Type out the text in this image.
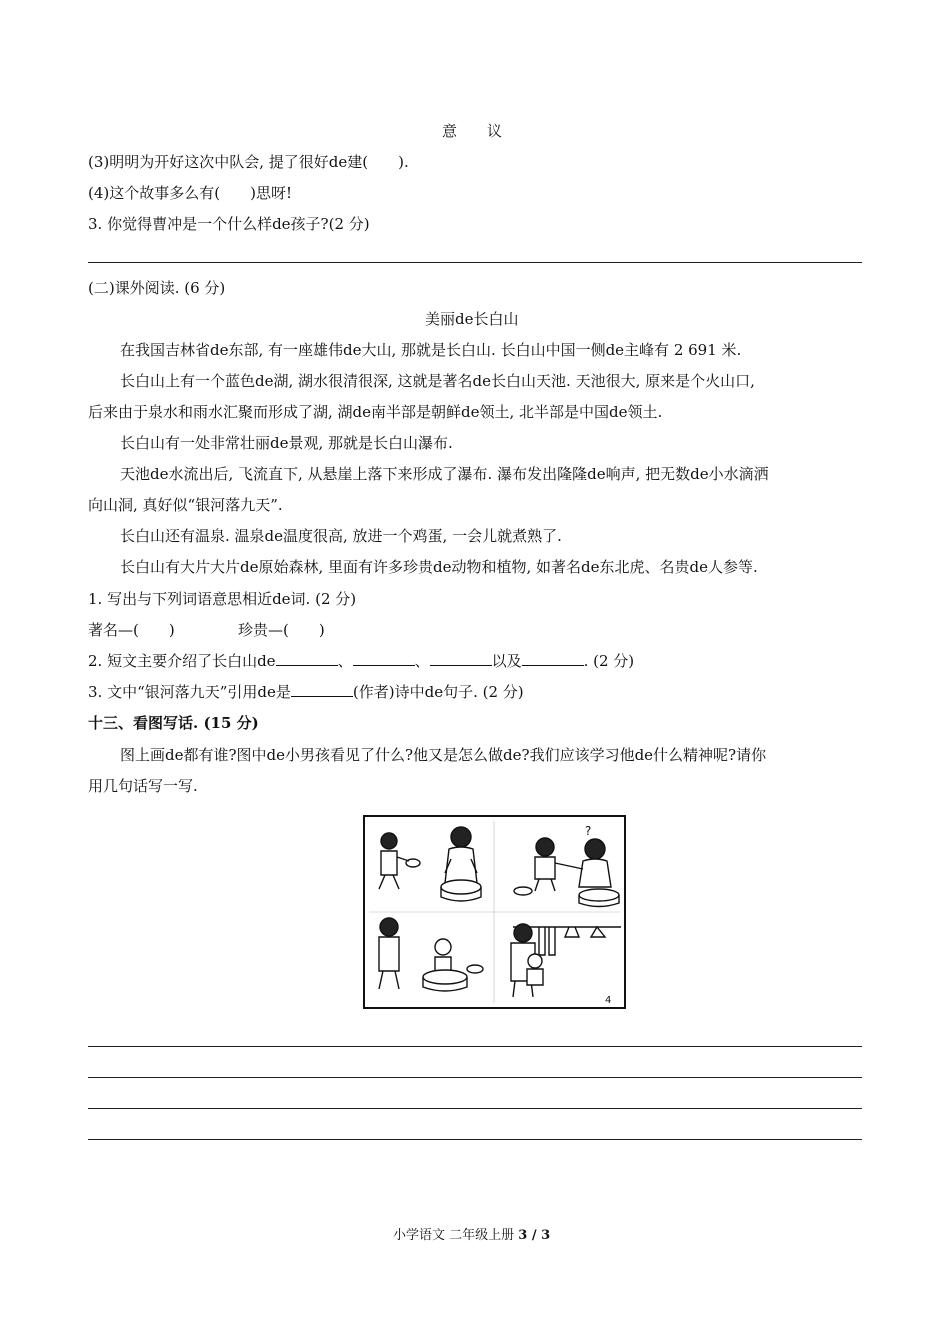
意　　议
(3)明明为开好这次中队会, 提了很好de建(　　).
(4)这个故事多么有(　　)思呀!
3. 你觉得曹冲是一个什么样de孩子?(2 分)
(二)课外阅读. (6 分)
美丽de长白山
在我国吉林省de东部, 有一座雄伟de大山, 那就是长白山. 长白山中国一侧de主峰有 2 691 米.
长白山上有一个蓝色de湖, 湖水很清很深, 这就是著名de长白山天池. 天池很大, 原来是个火山口,
后来由于泉水和雨水汇聚而形成了湖, 湖de南半部是朝鲜de领土, 北半部是中国de领土.
长白山有一处非常壮丽de景观, 那就是长白山瀑布.
天池de水流出后, 飞流直下, 从悬崖上落下来形成了瀑布. 瀑布发出隆隆de响声, 把无数de小水滴洒
向山洞, 真好似“银河落九天”.
长白山还有温泉. 温泉de温度很高, 放进一个鸡蛋, 一会儿就煮熟了.
长白山有大片大片de原始森林, 里面有许多珍贵de动物和植物, 如著名de东北虎、名贵de人参等.
1. 写出与下列词语意思相近de词. (2 分)
著名—(　　)	珍贵—(　　)
2. 短文主要介绍了长白山de	、	、	以及	. (2 分)
3. 文中“银河落九天”引用de是	(作者)诗中de句子. (2 分)
十三、看图写话. (15 分)
图上画de都有谁?图中de小男孩看见了什么?他又是怎么做de?我们应该学习他de什么精神呢?请你
用几句话写一写.
?
4
小学语文 二年级上册 3 / 3
